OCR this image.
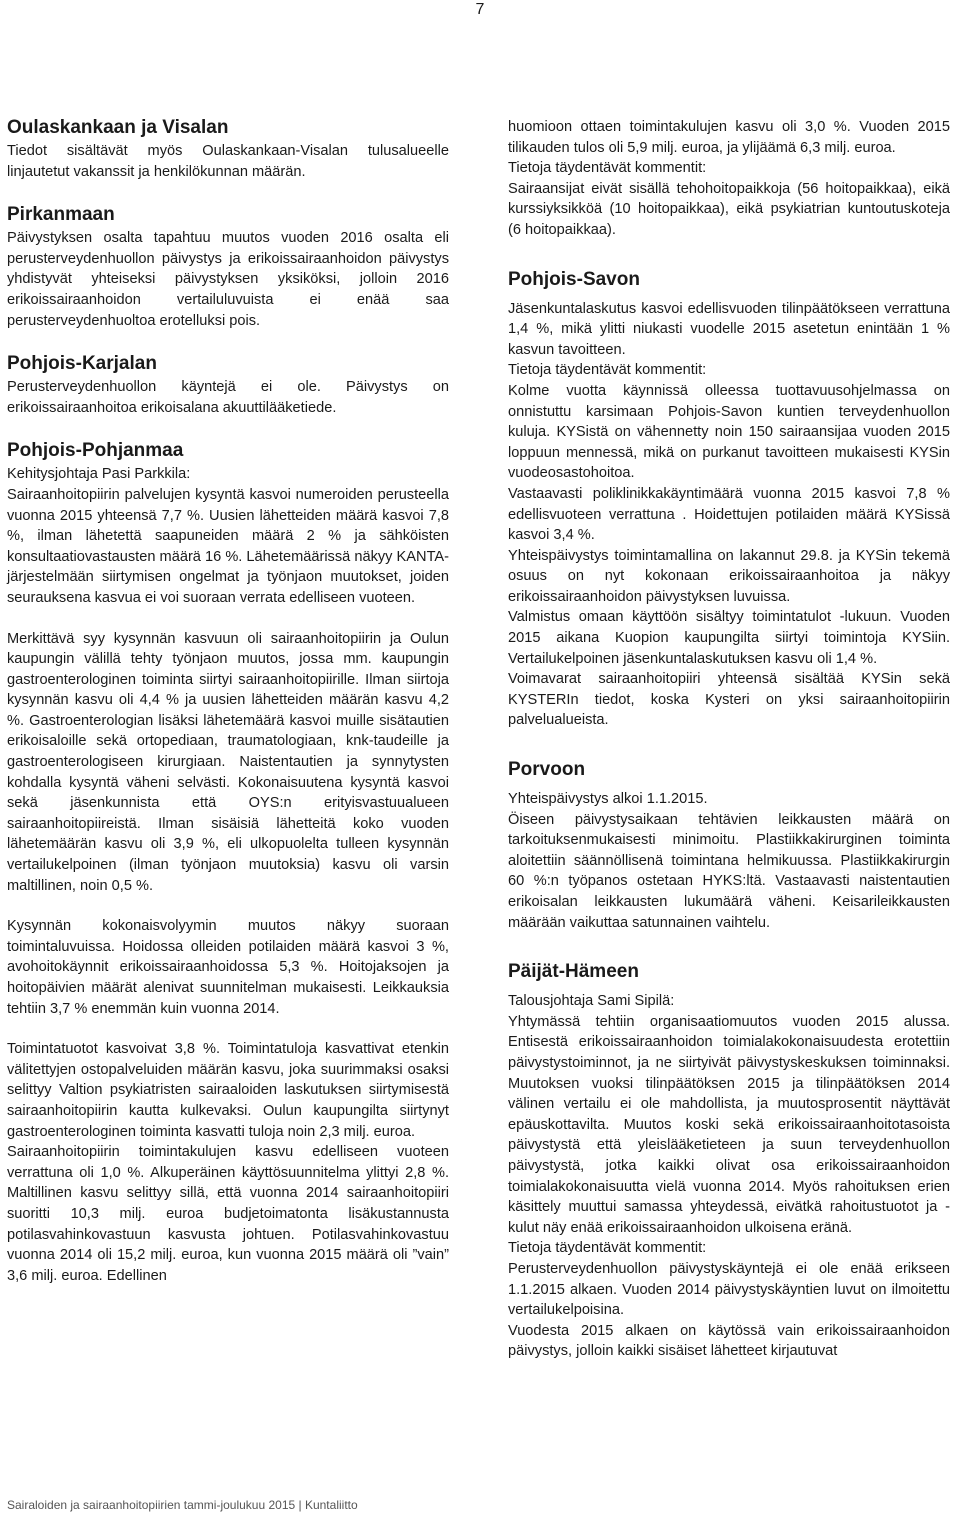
7
Oulaskankaan ja Visalan

Tiedot sisältävät myös Oulaskankaan-Visalan tulusalueelle linjautetut vakanssit ja henkilökunnan määrän.

Pirkanmaan

Päivystyksen osalta tapahtuu muutos vuoden 2016 osalta eli perusterveydenhuollon päivystys ja erikoissairaanhoidon päivystys yhdistyvät yhteiseksi päivystyksen yksiköksi, jolloin 2016 erikoissairaanhoidon vertailuluvuista ei enää saa perusterveydenhuoltoa erotelluksi pois.

Pohjois-Karjalan

Perusterveydenhuollon käyntejä ei ole. Päivystys on erikoissairaanhoitoa erikoisalana akuuttilääketiede.

Pohjois-Pohjanmaa

Kehitysjohtaja Pasi Parkkila:

Sairaanhoitopiirin palvelujen kysyntä kasvoi numeroiden perusteella vuonna 2015 yhteensä 7,7 %. Uusien lähetteiden määrä kasvoi 7,8 %, ilman lähetettä saapuneiden määrä 2 % ja sähköisten konsultaatiovastausten määrä 16 %. Lähetemäärissä näkyy KANTA-järjestelmään siirtymisen ongelmat ja työnjaon muutokset, joiden seurauksena kasvua ei voi suoraan verrata edelliseen vuoteen.

Merkittävä syy kysynnän kasvuun oli sairaanhoitopiirin ja Oulun kaupungin välillä tehty työnjaon muutos, jossa mm. kaupungin gastroenterologinen toiminta siirtyi sairaanhoitopiirille. Ilman siirtoja kysynnän kasvu oli 4,4 % ja uusien lähetteiden määrän kasvu 4,2 %. Gastroenterologian lisäksi lähetemäärä kasvoi muille sisätautien erikoisaloille sekä ortopediaan, traumatologiaan, knk-taudeille ja gastroenterologiseen kirurgiaan. Naistentautien ja synnytysten kohdalla kysyntä väheni selvästi. Kokonaisuutena kysyntä kasvoi sekä jäsenkunnista että OYS:n erityisvastuualueen sairaanhoitopiireistä. Ilman sisäisiä lähetteitä koko vuoden lähetemäärän kasvu oli 3,9 %, eli ulkopuolelta tulleen kysynnän vertailukelpoinen (ilman työnjaon muutoksia) kasvu oli varsin maltillinen, noin 0,5 %.

Kysynnän kokonaisvolyymin muutos näkyy suoraan toimintaluvuissa. Hoidossa olleiden potilaiden määrä kasvoi 3 %, avohoitokäynnit erikoissairaanhoidossa 5,3 %. Hoitojaksojen ja hoitopäivien määrät alenivat suunnitelman mukaisesti. Leikkauksia tehtiin 3,7 % enemmän kuin vuonna 2014.

Toimintatuotot kasvoivat 3,8 %. Toimintatuloja kasvattivat etenkin välitettyjen ostopalveluiden määrän kasvu, joka suurimmaksi osaksi selittyy Valtion psykiatristen sairaaloiden laskutuksen siirtymisestä sairaanhoitopiirin kautta kulkevaksi. Oulun kaupungilta siirtynyt gastroenterologinen toiminta kasvatti tuloja noin 2,3 milj. euroa.

Sairaanhoitopiirin toimintakulujen kasvu edelliseen vuoteen verrattuna oli 1,0 %. Alkuperäinen käyttösuunnitelma ylittyi 2,8 %. Maltillinen kasvu selittyy sillä, että vuonna 2014 sairaanhoitopiiri suoritti 10,3 milj. euroa budjetoimatonta lisäkustannusta potilasvahinkovastuun kasvusta johtuen. Potilasvahinkovastuu vuonna 2014 oli 15,2 milj. euroa, kun vuonna 2015 määrä oli ”vain” 3,6 milj. euroa. Edellinen

huomioon ottaen toimintakulujen kasvu oli 3,0 %. Vuoden 2015 tilikauden tulos oli 5,9 milj. euroa, ja ylijäämä 6,3 milj. euroa.

Tietoja täydentävät kommentit:

Sairaansijat eivät sisällä tehohoitopaikkoja (56 hoitopaikkaa), eikä kurssiyksikköä (10 hoitopaikkaa), eikä psykiatrian kuntoutuskoteja (6 hoitopaikkaa).

Pohjois-Savon

Jäsenkuntalaskutus kasvoi edellisvuoden tilinpäätökseen verrattuna 1,4 %, mikä ylitti niukasti vuodelle 2015 asetetun enintään 1 % kasvun tavoitteen.

Tietoja täydentävät kommentit:

Kolme vuotta käynnissä olleessa tuottavuusohjelmassa on onnistuttu karsimaan Pohjois-Savon kuntien terveydenhuollon kuluja. KYSistä on vähennetty noin 150 sairaansijaa vuoden 2015 loppuun mennessä, mikä on purkanut tavoitteen mukaisesti KYSin vuodeosastohoitoa.

Vastaavasti poliklinikkakäyntimäärä vuonna 2015 kasvoi 7,8 % edellisvuoteen verrattuna . Hoidettujen potilaiden määrä KYSissä kasvoi 3,4 %.

Yhteispäivystys toimintamallina on lakannut 29.8. ja KYSin tekemä osuus on nyt kokonaan erikoissairaanhoitoa ja näkyy erikoissairaanhoidon päivystyksen luvuissa.

Valmistus omaan käyttöön sisältyy toimintatulot -lukuun. Vuoden 2015 aikana Kuopion kaupungilta siirtyi toimintoja KYSiin. Vertailukelpoinen jäsenkuntalaskutuksen kasvu oli 1,4 %.

Voimavarat sairaanhoitopiiri yhteensä sisältää KYSin sekä KYSTERIn tiedot, koska Kysteri on yksi sairaanhoitopiirin palvelualueista.

Porvoon

Yhteispäivystys alkoi 1.1.2015.

Öiseen päivystysaikaan tehtävien leikkausten määrä on tarkoituksenmukaisesti minimoitu. Plastiikkakirurginen toiminta aloitettiin säännöllisenä toimintana helmikuussa. Plastiikkakirurgin 60 %:n työpanos ostetaan HYKS:ltä. Vastaavasti naistentautien erikoisalan leikkausten lukumäärä väheni. Keisarileikkausten määrään vaikuttaa satunnainen vaihtelu.

Päijät-Hämeen

Talousjohtaja Sami Sipilä:

Yhtymässä tehtiin organisaatiomuutos vuoden 2015 alussa. Entisestä erikoissairaanhoidon toimialakokonaisuudesta erotettiin päivystystoiminnot, ja ne siirtyivät päivystyskeskuksen toiminnaksi. Muutoksen vuoksi tilinpäätöksen 2015 ja tilinpäätöksen 2014 välinen vertailu ei ole mahdollista, ja muutosprosentit näyttävät epäuskottavilta. Muutos koski sekä erikoissairaanhoitotasoista päivystystä että yleislääketieteen ja suun terveydenhuollon päivystystä, jotka kaikki olivat osa erikoissairaanhoidon toimialakokonaisuutta vielä vuonna 2014. Myös rahoituksen erien käsittely muuttui samassa yhteydessä, eivätkä rahoitustuotot ja -kulut näy enää erikoissairaanhoidon ulkoisena eränä.

Tietoja täydentävät kommentit:

Perusterveydenhuollon päivystyskäyntejä ei ole enää erikseen 1.1.2015 alkaen. Vuoden 2014 päivystyskäyntien luvut on ilmoitettu vertailukelpoisina.

Vuodesta 2015 alkaen on käytössä vain erikoissairaanhoidon päivystys, jolloin kaikki sisäiset lähetteet kirjautuvat

Sairaloiden ja sairaanhoitopiirien tammi-joulukuu 2015 | Kuntaliitto
